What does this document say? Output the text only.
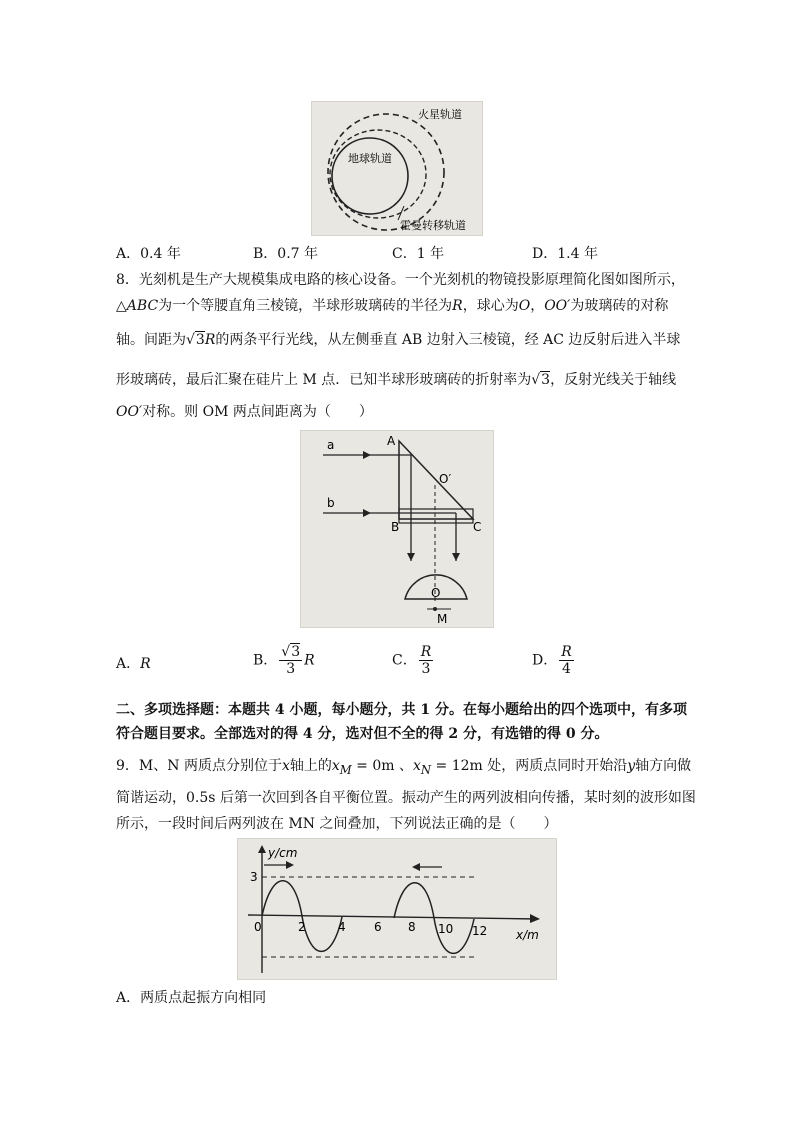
火星轨道
地球轨道
霍曼转移轨道
A．0.4 年	B．0.7 年	C．1 年	D．1.4 年
8．光刻机是生产大规模集成电路的核心设备。一个光刻机的物镜投影原理简化图如图所示，
△ABC为一个等腰直角三棱镜，半球形玻璃砖的半径为R，球心为O，OO′为玻璃砖的对称
轴。间距为√3R的两条平行光线，从左侧垂直 AB 边射入三棱镜，经 AC 边反射后进入半球
形玻璃砖，最后汇聚在硅片上 M 点．已知半球形玻璃砖的折射率为√3，反射光线关于轴线
OO′对称。则 OM 两点间距离为（　　）
a
b
A
B	C
O′
O
M
A．R	B． $\frac{√3}{3}$ R	C． $\frac{R}{3}$	D． $\frac{R}{4}$
二、多项选择题：本题共 4 小题，每小题分，共 1 分。在每小题给出的四个选项中，有多项
符合题目要求。全部选对的得 4 分，选对但不全的得 2 分，有选错的得 0 分。
9．M、N 两质点分别位于x轴上的$x_M = 0m$ 、$x_N = 12m$ 处，两质点同时开始沿y轴方向做
简谐运动，0.5s 后第一次回到各自平衡位置。振动产生的两列波相向传播，某时刻的波形如图
所示，一段时间后两列波在 MN 之间叠加，下列说法正确的是（　　）
y/cm
x/m
3
0	2	4 6 8 10 12
A．两质点起振方向相同
